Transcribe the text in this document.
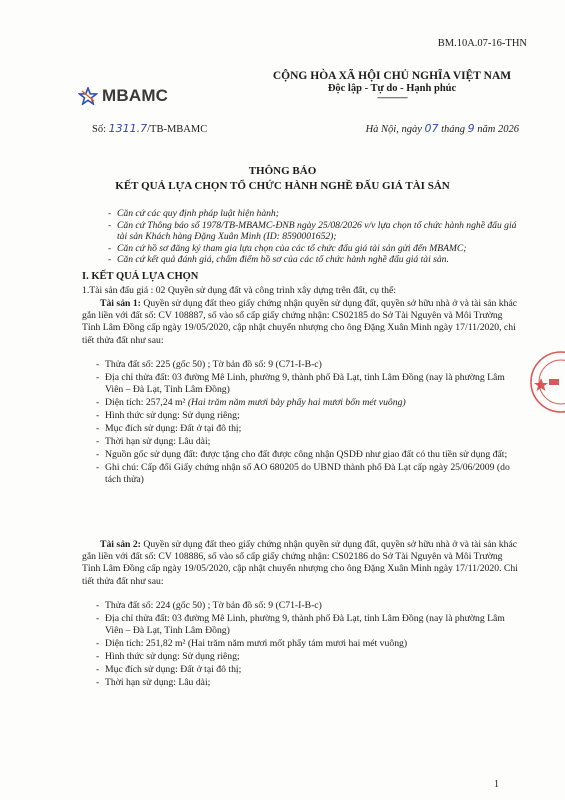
BM.10A.07-16-THN
MBAMC
CỘNG HÒA XÃ HỘI CHỦ NGHĨA VIỆT NAM
Độc lập - Tự do - Hạnh phúc
---------------
Số: 1311.7/TB-MBAMC	Hà Nội, ngày 07 tháng 9 năm 2026
THÔNG BÁO
KẾT QUẢ LỰA CHỌN TỔ CHỨC HÀNH NGHỀ ĐẤU GIÁ TÀI SẢN
- Căn cứ các quy định pháp luật hiện hành;
- Căn cứ Thông báo số 1978/TB-MBAMC-ĐNB ngày 25/08/2026 v/v lựa chọn tổ chức hành nghề đấu giá tài sản Khách hàng Đặng Xuân Minh (ID: 8590001652);
- Căn cứ hồ sơ đăng ký tham gia lựa chọn của các tổ chức đấu giá tài sản gửi đến MBAMC;
- Căn cứ kết quả đánh giá, chấm điểm hồ sơ của các tổ chức hành nghề đấu giá tài sản.
I. KẾT QUẢ LỰA CHỌN
1.Tài sản đấu giá : 02 Quyền sử dụng đất và công trình xây dựng trên đất, cụ thể:
Tài sản 1: Quyền sử dụng đất theo giấy chứng nhận quyền sử dụng đất, quyền sở hữu nhà ở và tài sản khác gắn liền với đất số: CV 108887, số vào sổ cấp giấy chứng nhận: CS02185 do Sở Tài Nguyên và Môi Trường Tỉnh Lâm Đồng cấp ngày 19/05/2020, cập nhật chuyển nhượng cho ông Đặng Xuân Minh ngày 17/11/2020, chi tiết thửa đất như sau:
- Thửa đất số: 225 (gốc 50) ; Tờ bản đồ số: 9 (C71-I-B-c)
- Địa chỉ thửa đất: 03 đường Mê Linh, phường 9, thành phố Đà Lạt, tỉnh Lâm Đồng (nay là phường Lâm Viên – Đà Lạt, Tỉnh Lâm Đồng)
- Diện tích: 257,24 m² (Hai trăm năm mươi bảy phẩy hai mươi bốn mét vuông)
- Hình thức sử dụng: Sử dụng riêng;
- Mục đích sử dụng: Đất ở tại đô thị;
- Thời hạn sử dụng: Lâu dài;
- Nguồn gốc sử dụng đất: được tặng cho đất được công nhận QSDĐ như giao đất có thu tiền sử dụng đất;
- Ghi chú: Cấp đổi Giấy chứng nhận số AO 680205 do UBND thành phố Đà Lạt cấp ngày 25/06/2009 (do tách thửa)
Tài sản 2: Quyền sử dụng đất theo giấy chứng nhận quyền sử dụng đất, quyền sở hữu nhà ở và tài sản khác gắn liền với đất số: CV 108886, số vào sổ cấp giấy chứng nhận: CS02186 do Sở Tài Nguyên và Môi Trường Tỉnh Lâm Đồng cấp ngày 19/05/2020, cập nhật chuyển nhượng cho ông Đặng Xuân Minh ngày 17/11/2020. Chi tiết thửa đất như sau:
- Thửa đất số: 224 (gốc 50) ; Tờ bản đồ số: 9 (C71-I-B-c)
- Địa chỉ thửa đất: 03 đường Mê Linh, phường 9, thành phố Đà Lạt, tỉnh Lâm Đồng (nay là phường Lâm Viên – Đà Lạt, Tỉnh Lâm Đồng)
- Diện tích: 251,82 m² (Hai trăm năm mươi mốt phẩy tám mươi hai mét vuông)
- Hình thức sử dụng: Sử dụng riêng;
- Mục đích sử dụng: Đất ở tại đô thị;
- Thời hạn sử dụng: Lâu dài;
1
